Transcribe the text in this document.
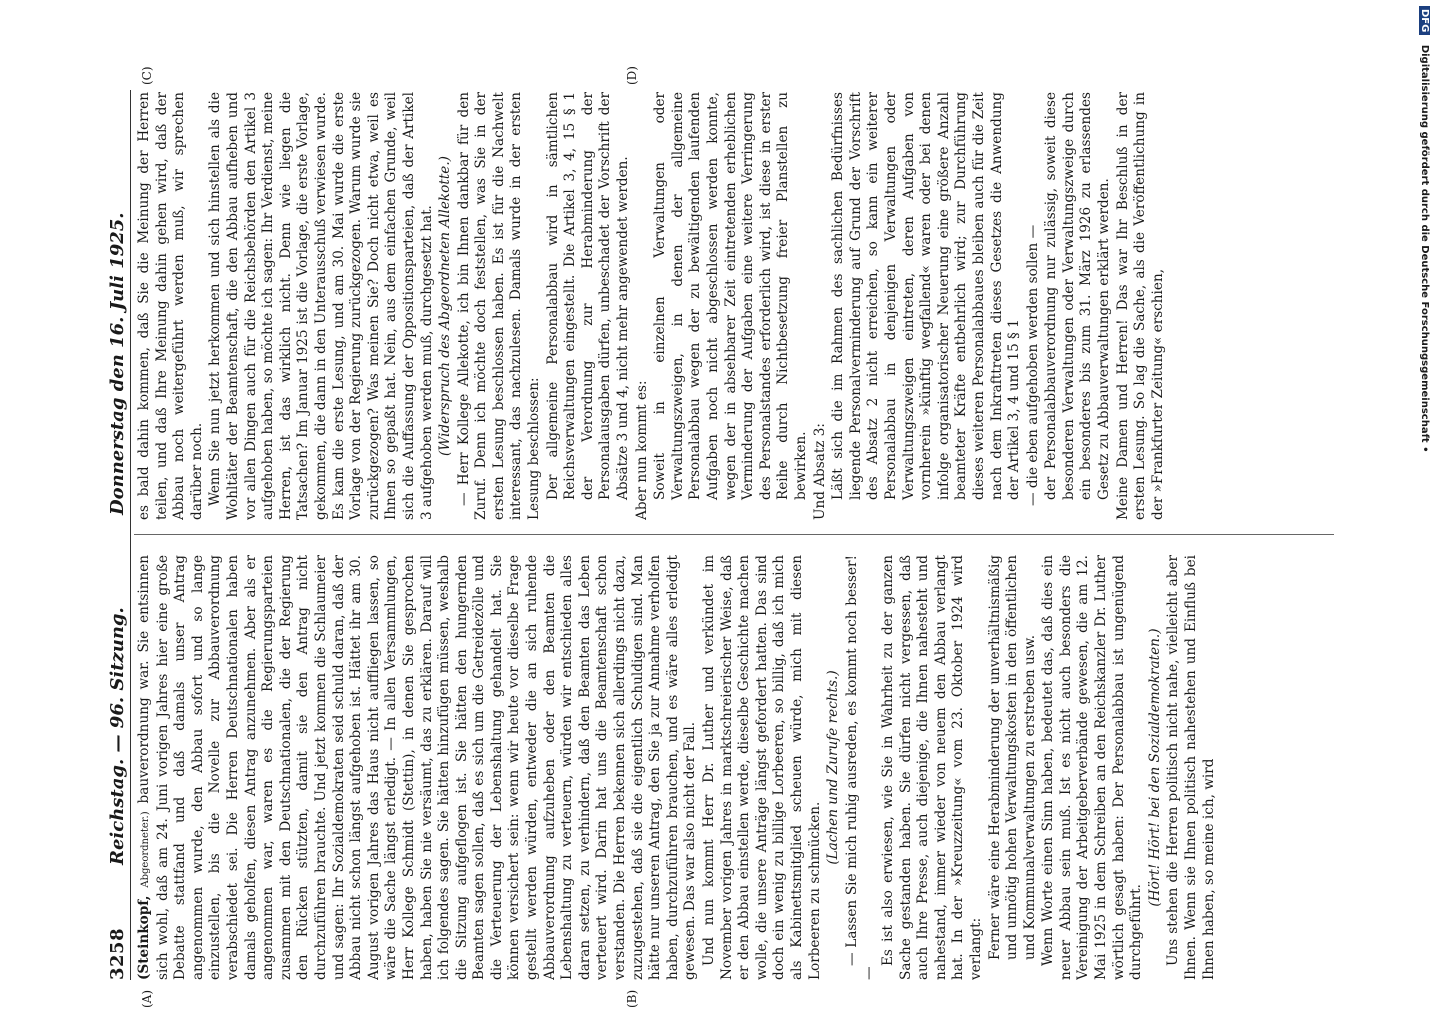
3258
Reichstag. — 96. Sitzung.
Donnerstag den 16. Juli 1925.
(A)	(B)
(C)	(D)

(Steinkopf, Abgeordneter.) bauverordnung war. Sie entsinnen sich wohl, daß am 24. Juni vorigen Jahres hier eine große Debatte stattfand und daß damals unser Antrag angenommen wurde, den Abbau sofort und so lange einzustellen, bis die Novelle zur Abbauverordnung verabschiedet sei. Die Herren Deutschnationalen haben damals geholfen, diesen Antrag anzunehmen. Aber als er angenommen war, waren es die Regierungsparteien zusammen mit den Deutschnationalen, die der Regierung den Rücken stützten, damit sie den Antrag nicht durchzuführen brauchte. Und jetzt kommen die Schlaumeier und sagen: Ihr Sozialdemokraten seid schuld daran, daß der Abbau nicht schon längst aufgehoben ist. Hättet ihr am 30. August vorigen Jahres das Haus nicht auffliegen lassen, so wäre die Sache längst erledigt. — In allen Versammlungen, Herr Kollege Schmidt (Stettin), in denen Sie gesprochen haben, haben Sie nie versäumt, das zu erklären. Darauf will ich folgendes sagen. Sie hätten hinzufügen müssen, weshalb die Sitzung aufgeflogen ist. Sie hätten den hungernden Beamten sagen sollen, daß es sich um die Getreidezölle und die Verteuerung der Lebenshaltung gehandelt hat. Sie können versichert sein: wenn wir heute vor dieselbe Frage gestellt werden würden, entweder die an sich ruhende Abbauverordnung aufzuheben oder den Beamten die Lebenshaltung zu verteuern, würden wir entschieden alles daran setzen, zu verhindern, daß den Beamten das Leben verteuert wird. Darin hat uns die Beamtenschaft schon verstanden. Die Herren bekennen sich allerdings nicht dazu, zuzugestehen, daß sie die eigentlich Schuldigen sind. Man hätte nur unseren Antrag, den Sie ja zur Annahme verholfen haben, durchzuführen brauchen, und es wäre alles erledigt gewesen. Das war also nicht der Fall. Und nun kommt Herr Dr. Luther und verkündet im November vorigen Jahres in marktschreierischer Weise, daß er den Abbau einstellen werde, dieselbe Geschichte machen wolle, die unsere Anträge längst gefordert hatten. Das sind doch ein wenig zu billige Lorbeeren, so billig, daß ich mich als Kabinettsmitglied scheuen würde, mich mit diesen Lorbeeren zu schmücken.

(Lachen und Zurufe rechts.) — Lassen Sie mich ruhig ausreden, es kommt noch besser! —

Es ist also erwiesen, wie Sie in Wahrheit zu der ganzen Sache gestanden haben. Sie dürfen nicht vergessen, daß auch Ihre Presse, auch diejenige, die Ihnen nahesteht und nahestand, immer wieder von neuem den Abbau verlangt hat. In der »Kreuzzeitung« vom 23. Oktober 1924 wird verlangt: Ferner wäre eine Herabminderung der unverhältnismäßig und unnötig hohen Verwaltungskosten in den öffentlichen und Kommunalverwaltungen zu erstreben usw. Wenn Worte einen Sinn haben, bedeutet das, daß dies ein neuer Abbau sein muß. Ist es nicht auch besonders die Vereinigung der Arbeitgeberverbände gewesen, die am 12. Mai 1925 in dem Schreiben an den Reichskanzler Dr. Luther wörtlich gesagt haben: Der Personalabbau ist ungenügend durchgeführt.

(Hört! Hört! bei den Sozialdemokraten.) Uns stehen die Herren politisch nicht nahe, vielleicht aber Ihnen. Wenn sie Ihnen politisch nahestehen und Einfluß bei Ihnen haben, so meine ich, wird

es bald dahin kommen, daß Sie die Meinung der Herren teilen, und daß Ihre Meinung dahin gehen wird, daß der Abbau noch weitergeführt werden muß, wir sprechen darüber noch. Wenn Sie nun jetzt herkommen und sich hinstellen als die Wohltäter der Beamtenschaft, die den Abbau aufheben und vor allen Dingen auch für die Reichsbehörden den Artikel 3 aufgehoben haben, so möchte ich sagen: Ihr Verdienst, meine Herren, ist das wirklich nicht. Denn wie liegen die Tatsachen? Im Januar 1925 ist die Vorlage, die erste Vorlage, gekommen, die dann in den Unterausschuß verwiesen wurde. Es kam die erste Lesung, und am 30. Mai wurde die erste Vorlage von der Regierung zurückgezogen. Warum wurde sie zurückgezogen? Was meinen Sie? Doch nicht etwa, weil es Ihnen so gepaßt hat. Nein, aus dem einfachen Grunde, weil sich die Auffassung der Oppositionsparteien, daß der Artikel 3 aufgehoben werden muß, durchgesetzt hat. (Widerspruch des Abgeordneten Allekotte.) — Herr Kollege Allekotte, ich bin Ihnen dankbar für den Zuruf. Denn ich möchte doch feststellen, was Sie in der ersten Lesung beschlossen haben. Es ist für die Nachwelt interessant, das nachzulesen. Damals wurde in der ersten Lesung beschlossen: Der allgemeine Personalabbau wird in sämtlichen Reichsverwaltungen eingestellt. Die Artikel 3, 4, 15 § 1 der Verordnung zur Herabminderung der Personalausgaben dürfen, unbeschadet der Vorschrift der Absätze 3 und 4, nicht mehr angewendet werden. Aber nun kommt es: Soweit in einzelnen Verwaltungen oder Verwaltungszweigen, in denen der allgemeine Personalabbau wegen der zu bewältigenden laufenden Aufgaben noch nicht abgeschlossen werden konnte, wegen der in absehbarer Zeit eintretenden erheblichen Verminderung der Aufgaben eine weitere Verringerung des Personalstandes erforderlich wird, ist diese in erster Reihe durch Nichtbesetzung freier Planstellen zu bewirken. Und Absatz 3: Läßt sich die im Rahmen des sachlichen Bedürfnisses liegende Personalverminderung auf Grund der Vorschrift des Absatz 2 nicht erreichen, so kann ein weiterer Personalabbau in denjenigen Verwaltungen oder Verwaltungszweigen eintreten, deren Aufgaben von vornherein »künftig wegfallend« waren oder bei denen infolge organisatorischer Neuerung eine größere Anzahl beamteter Kräfte entbehrlich wird; zur Durchführung dieses weiteren Personalabbaues bleiben auch für die Zeit nach dem Inkrafttreten dieses Gesetzes die Anwendung der Artikel 3, 4 und 15 § 1 — die eben aufgehoben werden sollen — der Personalabbauverordnung nur zulässig, soweit diese besonderen Verwaltungen oder Verwaltungszweige durch ein besonderes bis zum 31. März 1926 zu erlassendes Gesetz zu Abbauverwaltungen erklärt werden. Meine Damen und Herren! Das war Ihr Beschluß in der ersten Lesung. So lag die Sache, als die Veröffentlichung in der »Frankfurter Zeitung« erschien,

DFG Digitalisierung gefördert durch die Deutsche Forschungsgemeinschaft •
